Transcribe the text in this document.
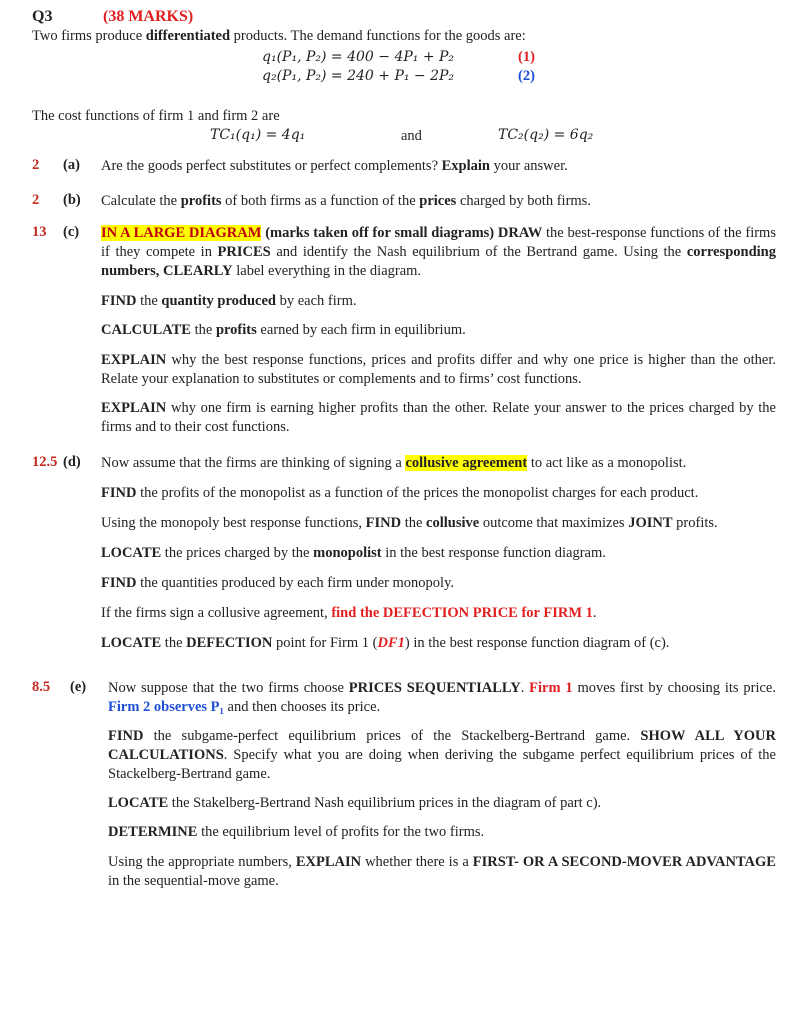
Q3	(38 MARKS)
Two firms produce differentiated products. The demand functions for the goods are:
q₁(P₁, P₂) = 400 − 4P₁ + P₂	(1)
q₂(P₁, P₂) = 240 + P₁ − 2P₂	(2)
The cost functions of firm 1 and firm 2 are
TC₁(q₁) = 4q₁	and	TC₂(q₂) = 6q₂
2 (a) Are the goods perfect substitutes or perfect complements? Explain your answer.
2 (b) Calculate the profits of both firms as a function of the prices charged by both firms.
13 (c) IN A LARGE DIAGRAM (marks taken off for small diagrams) DRAW the best-response functions of the firms if they compete in PRICES and identify the Nash equilibrium of the Bertrand game. Using the corresponding numbers, CLEARLY label everything in the diagram.
FIND the quantity produced by each firm.
CALCULATE the profits earned by each firm in equilibrium.
EXPLAIN why the best response functions, prices and profits differ and why one price is higher than the other. Relate your explanation to substitutes or complements and to firms’ cost functions.
EXPLAIN why one firm is earning higher profits than the other. Relate your answer to the prices charged by the firms and to their cost functions.
12.5 (d) Now assume that the firms are thinking of signing a collusive agreement to act like as a monopolist.
FIND the profits of the monopolist as a function of the prices the monopolist charges for each product.
Using the monopoly best response functions, FIND the collusive outcome that maximizes JOINT profits.
LOCATE the prices charged by the monopolist in the best response function diagram.
FIND the quantities produced by each firm under monopoly.
If the firms sign a collusive agreement, find the DEFECTION PRICE for FIRM 1.
LOCATE the DEFECTION point for Firm 1 (DF1) in the best response function diagram of (c).
8.5 (e) Now suppose that the two firms choose PRICES SEQUENTIALLY. Firm 1 moves first by choosing its price. Firm 2 observes P₁ and then chooses its price.
FIND the subgame-perfect equilibrium prices of the Stackelberg-Bertrand game. SHOW ALL YOUR CALCULATIONS. Specify what you are doing when deriving the subgame perfect equilibrium prices of the Stackelberg-Bertrand game.
LOCATE the Stakelberg-Bertrand Nash equilibrium prices in the diagram of part c).
DETERMINE the equilibrium level of profits for the two firms.
Using the appropriate numbers, EXPLAIN whether there is a FIRST- OR A SECOND-MOVER ADVANTAGE in the sequential-move game.
